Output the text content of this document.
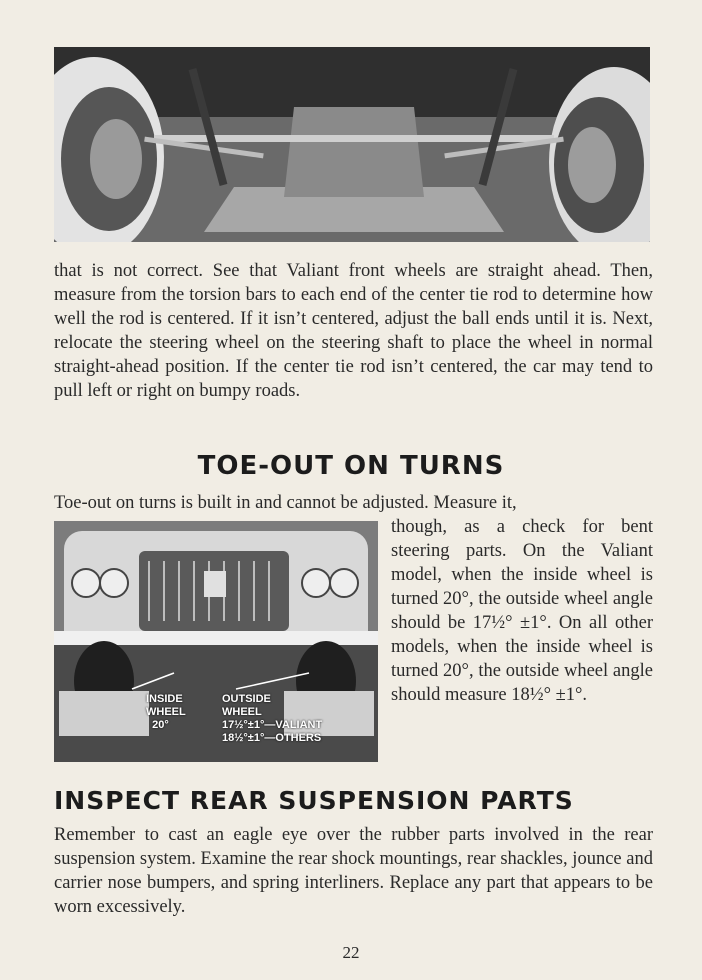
that is not correct. See that Valiant front wheels are straight ahead. Then, measure from the torsion bars to each end of the center tie rod to determine how well the rod is centered. If it isn’t centered, adjust the ball ends until it is. Next, relocate the steering wheel on the steering shaft to place the wheel in normal straight-ahead position. If the center tie rod isn’t centered, the car may tend to pull left or right on bumpy roads.

TOE-OUT ON TURNS

Toe-out on turns is built in and cannot be adjusted. Measure it,

INSIDE
WHEEL
20°
OUTSIDE
WHEEL
17½°±1°—VALIANT
18½°±1°—OTHERS

though, as a check for bent steering parts. On the Valiant model, when the inside wheel is turned 20°, the outside wheel angle should be 17½° ±1°. On all other models, when the inside wheel is turned 20°, the outside wheel angle should measure 18½° ±1°.

INSPECT REAR SUSPENSION PARTS

Remember to cast an eagle eye over the rubber parts involved in the rear suspension system. Examine the rear shock mountings, rear shackles, jounce and carrier nose bumpers, and spring interliners. Replace any part that appears to be worn excessively.

22
